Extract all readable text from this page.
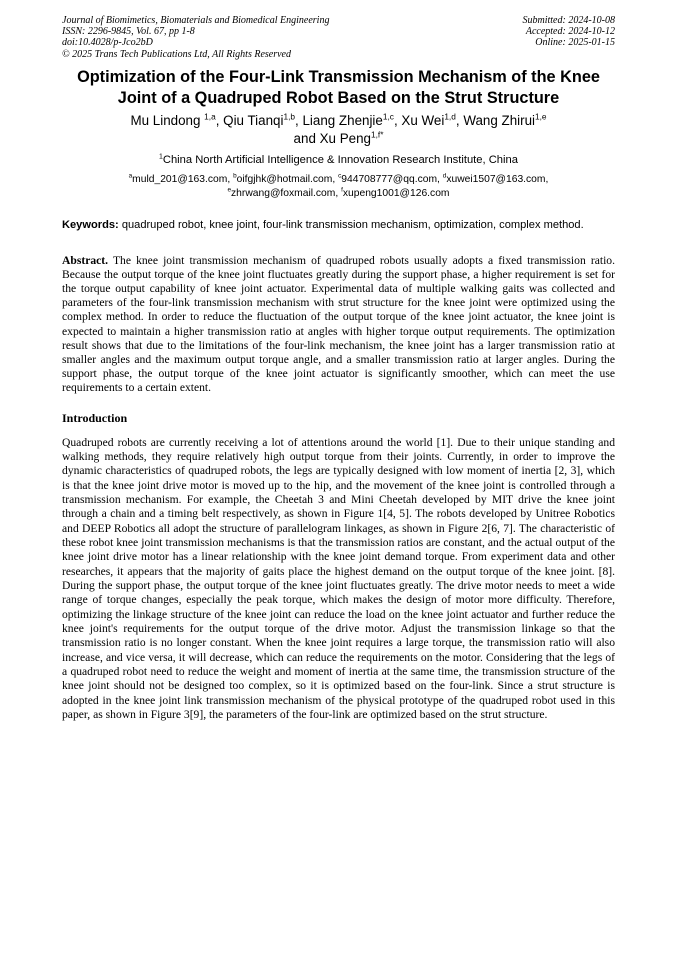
Journal of Biomimetics, Biomaterials and Biomedical Engineering
ISSN: 2296-9845, Vol. 67, pp 1-8
doi:10.4028/p-Jco2bD
© 2025 Trans Tech Publications Ltd, All Rights Reserved
Submitted: 2024-10-08
Accepted: 2024-10-12
Online: 2025-01-15
Optimization of the Four-Link Transmission Mechanism of the Knee Joint of a Quadruped Robot Based on the Strut Structure
Mu Lindong $^{1,a}$, Qiu Tianqi$^{1,b}$, Liang Zhenjie$^{1,c}$, Xu Wei$^{1,d}$, Wang Zhirui$^{1,e}$
and Xu Peng$^{1,f*}$
$^1$China North Artificial Intelligence & Innovation Research Institute, China
$^a$muld_201@163.com, $^b$oifgjhk@hotmail.com, $^c$944708777@qq.com, $^d$xuwei1507@163.com,
$^e$zhrwang@foxmail.com, $^f$xupeng1001@126.com
Keywords: quadruped robot, knee joint, four-link transmission mechanism, optimization, complex method.
Abstract. The knee joint transmission mechanism of quadruped robots usually adopts a fixed transmission ratio. Because the output torque of the knee joint fluctuates greatly during the support phase, a higher requirement is set for the torque output capability of knee joint actuator. Experimental data of multiple walking gaits was collected and parameters of the four-link transmission mechanism with strut structure for the knee joint were optimized using the complex method. In order to reduce the fluctuation of the output torque of the knee joint actuator, the knee joint is expected to maintain a higher transmission ratio at angles with higher torque output requirements. The optimization result shows that due to the limitations of the four-link mechanism, the knee joint has a larger transmission ratio at smaller angles and the maximum output torque angle, and a smaller transmission ratio at larger angles. During the support phase, the output torque of the knee joint actuator is significantly smoother, which can meet the use requirements to a certain extent.
Introduction
Quadruped robots are currently receiving a lot of attentions around the world [1]. Due to their unique standing and walking methods, they require relatively high output torque from their joints. Currently, in order to improve the dynamic characteristics of quadruped robots, the legs are typically designed with low moment of inertia [2, 3], which is that the knee joint drive motor is moved up to the hip, and the movement of the knee joint is controlled through a transmission mechanism. For example, the Cheetah 3 and Mini Cheetah developed by MIT drive the knee joint through a chain and a timing belt respectively, as shown in Figure 1[4, 5]. The robots developed by Unitree Robotics and DEEP Robotics all adopt the structure of parallelogram linkages, as shown in Figure 2[6, 7]. The characteristic of these robot knee joint transmission mechanisms is that the transmission ratios are constant, and the actual output of the knee joint drive motor has a linear relationship with the knee joint demand torque. From experiment data and other researches, it appears that the majority of gaits place the highest demand on the output torque of the knee joint. [8]. During the support phase, the output torque of the knee joint fluctuates greatly. The drive motor needs to meet a wide range of torque changes, especially the peak torque, which makes the design of motor more difficulty. Therefore, optimizing the linkage structure of the knee joint can reduce the load on the knee joint actuator and further reduce the knee joint's requirements for the output torque of the drive motor. Adjust the transmission linkage so that the transmission ratio is no longer constant. When the knee joint requires a large torque, the transmission ratio will also increase, and vice versa, it will decrease, which can reduce the requirements on the motor. Considering that the legs of a quadruped robot need to reduce the weight and moment of inertia at the same time, the transmission structure of the knee joint should not be designed too complex, so it is optimized based on the four-link. Since a strut structure is adopted in the knee joint link transmission mechanism of the physical prototype of the quadruped robot used in this paper, as shown in Figure 3[9], the parameters of the four-link are optimized based on the strut structure.
